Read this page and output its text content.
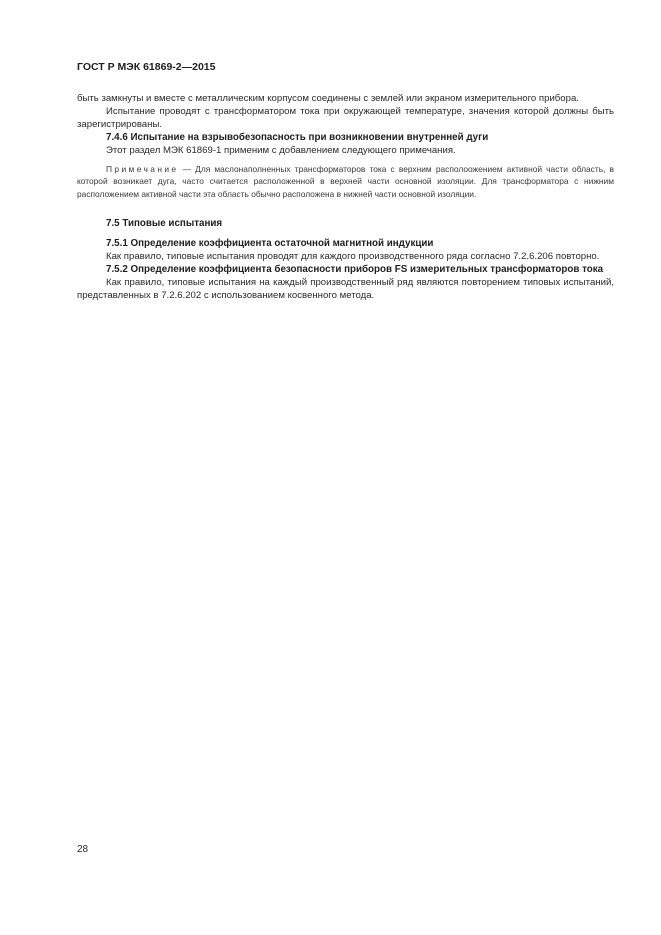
ГОСТ Р МЭК 61869-2—2015

быть замкнуты и вместе с металлическим корпусом соединены с землей или экраном измерительного прибора.

Испытание проводят с трансформатором тока при окружающей температуре, значения которой должны быть зарегистрированы.

7.4.6 Испытание на взрывобезопасность при возникновении внутренней дуги

Этот раздел МЭК 61869-1 применим с добавлением следующего примечания.

Примечание — Для маслонаполненных трансформаторов тока с верхним располоожением активной части область, в которой возникает дуга, часто считается расположенной в верхней части основной изоляции. Для трансформатора с нижним расположением активной части эта область обычно расположена в нижней части основной изоляции.

7.5 Типовые испытания

7.5.1 Определение коэффициента остаточной магнитной индукции

Как правило, типовые испытания проводят для каждого производственного ряда согласно 7.2.6.206 повторно.

7.5.2 Определение коэффициента безопасности приборов FS измерительных трансформаторов тока

Как правило, типовые испытания на каждый производственный ряд являются повторением типовых испытаний, представленных в 7.2.6.202 с использованием косвенного метода.

28
